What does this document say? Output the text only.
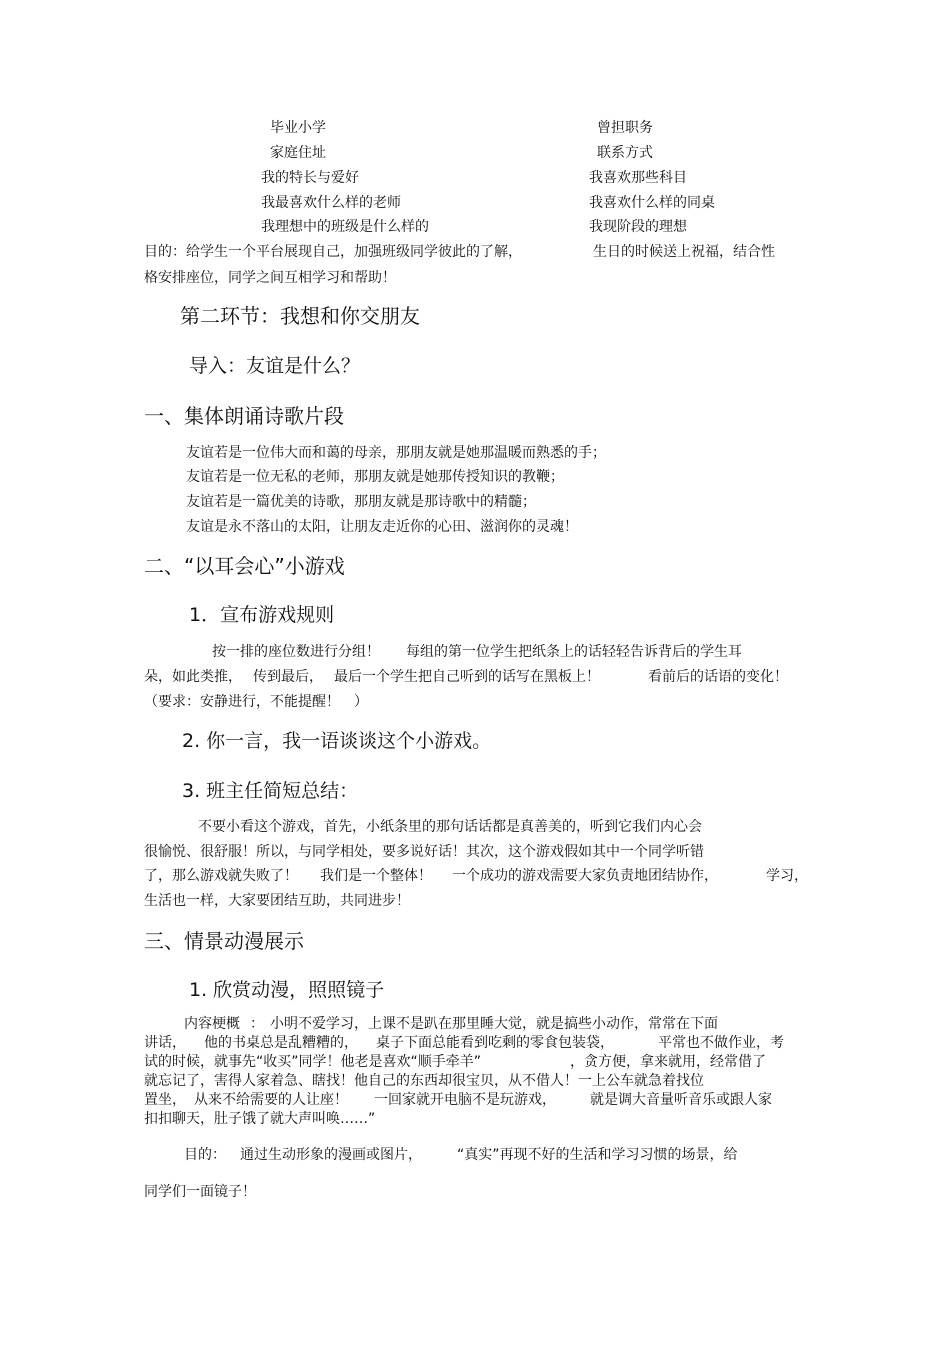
毕业小学	曾担职务
家庭住址	联系方式
我的特长与爱好	我喜欢那些科目
我最喜欢什么样的老师	我喜欢什么样的同桌
我理想中的班级是什么样的	我现阶段的理想
目的：给学生一个平台展现自己，加强班级同学彼此的了解，	生日的时候送上祝福，结合性
格安排座位，同学之间互相学习和帮助！
第二环节：我想和你交朋友
导入：友谊是什么？
一、集体朗诵诗歌片段
友谊若是一位伟大而和蔼的母亲，那朋友就是她那温暖而熟悉的手；
友谊若是一位无私的老师，那朋友就是她那传授知识的教鞭；
友谊若是一篇优美的诗歌，那朋友就是那诗歌中的精髓；
友谊是永不落山的太阳，让朋友走近你的心田、滋润你的灵魂！
二、“以耳会心”小游戏
1．宣布游戏规则
按一排的座位数进行分组！ 每组的第一位学生把纸条上的话轻轻告诉背后的学生耳
朵，如此类推， 传到最后， 最后一个学生把自己听到的话写在黑板上！	看前后的话语的变化！
（要求：安静进行，不能提醒！　）
2. 你一言，我一语谈谈这个小游戏。
3. 班主任简短总结：
不要小看这个游戏，首先，小纸条里的那句话话都是真善美的，听到它我们内心会
很愉悦、很舒服！所以，与同学相处，要多说好话！其次，这个游戏假如其中一个同学听错
了，那么游戏就失败了！ 我们是一个整体！ 一个成功的游戏需要大家负责地团结协作，	学习，
生活也一样，大家要团结互助，共同进步！
三、情景动漫展示
1. 欣赏动漫，照照镜子
内容梗概 ： 小明不爱学习，上课不是趴在那里睡大觉，就是搞些小动作，常常在下面
讲话， 他的书桌总是乱糟糟的， 桌子下面总能看到吃剩的零食包装袋，	平常也不做作业，考
试的时候，就事先“收买”同学！他老是喜欢“顺手牵羊”	，贪方便，拿来就用，经常借了
就忘记了，害得人家着急、瞎找！他自己的东西却很宝贝，从不借人！一上公车就急着找位
置坐， 从来不给需要的人让座！ 一回家就开电脑不是玩游戏， 就是调大音量听音乐或跟人家
扣扣聊天，肚子饿了就大声叫唤……”
目的： 通过生动形象的漫画或图片，	“真实”再现不好的生活和学习习惯的场景，给
同学们一面镜子！
